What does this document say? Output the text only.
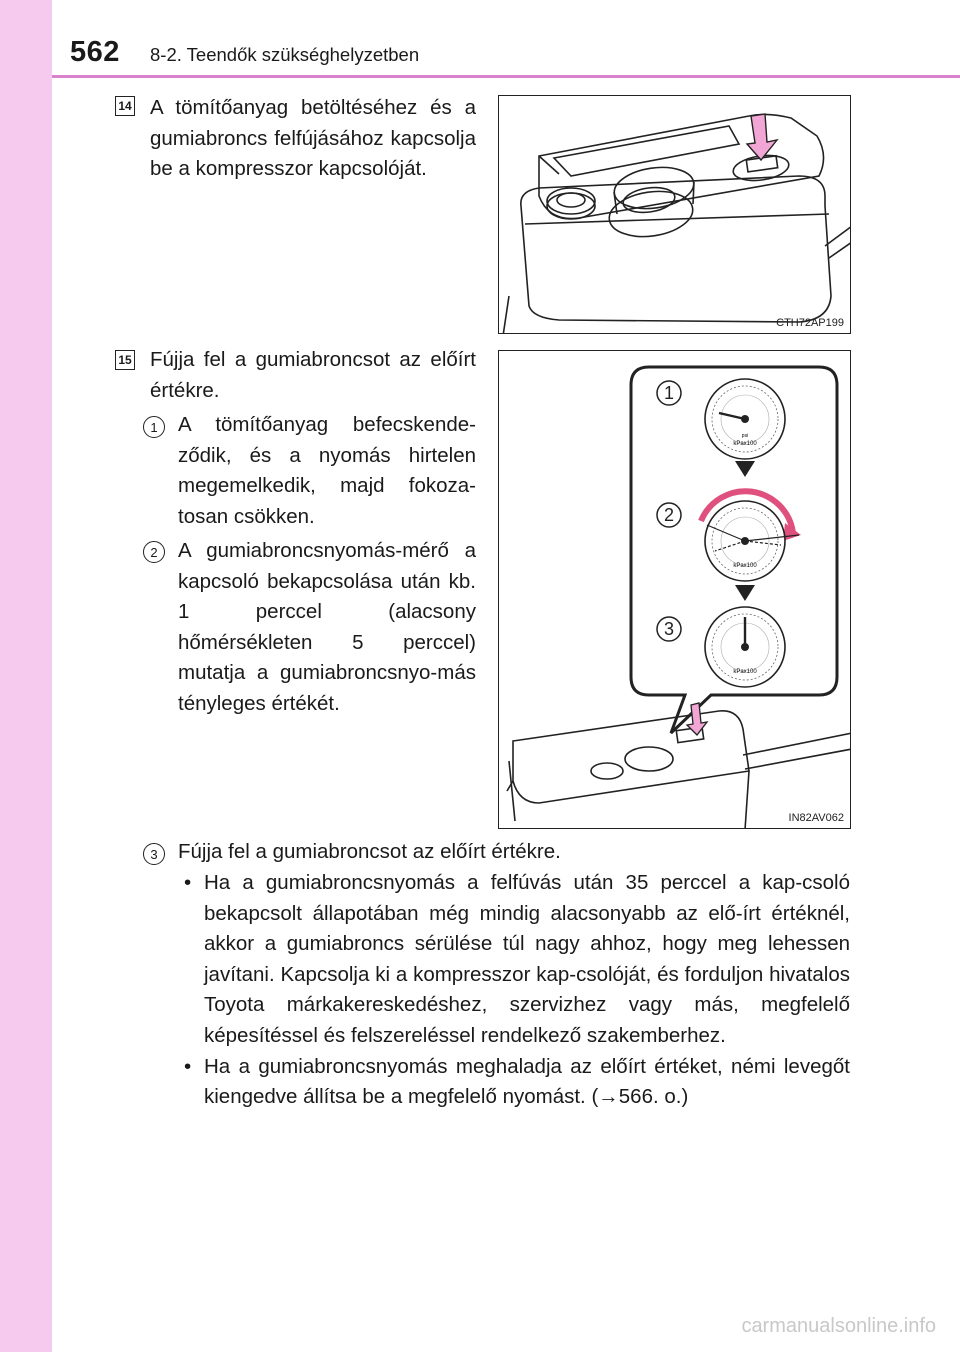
562 8-2. Teendők szükséghelyzetben
14 A tömítőanyag betöltéséhez és a gumiabroncs felfújásához kapcsolja be a kompresszor kapcsolóját.

CTH72AP199
15 Fújja fel a gumiabroncsot az előírt értékre.

1 A tömítőanyag befecskende-ződik, és a nyomás hirtelen megemelkedik, majd fokoza-tosan csökken.

2 A gumiabroncsnyomás-mérő a kapcsoló bekapcsolása után kb. 1 perccel (alacsony hőmérsékleten 5 perccel) mutatja a gumiabroncsnyo-más tényleges értékét.

1
2
3
kPax100
psi
kPax100
kPax100
IN82AV062
3 Fújja fel a gumiabroncsot az előírt értékre.

• Ha a gumiabroncsnyomás a felfúvás után 35 perccel a kap-csoló bekapcsolt állapotában még mindig alacsonyabb az elő-írt értéknél, akkor a gumiabroncs sérülése túl nagy ahhoz, hogy meg lehessen javítani. Kapcsolja ki a kompresszor kap-csolóját, és forduljon hivatalos Toyota márkakereskedéshez, szervizhez vagy más, megfelelő képesítéssel és felszereléssel rendelkező szakemberhez.
• Ha a gumiabroncsnyomás meghaladja az előírt értéket, némi levegőt kiengedve állítsa be a megfelelő nyomást. (→566. o.)
carmanualsonline.info
